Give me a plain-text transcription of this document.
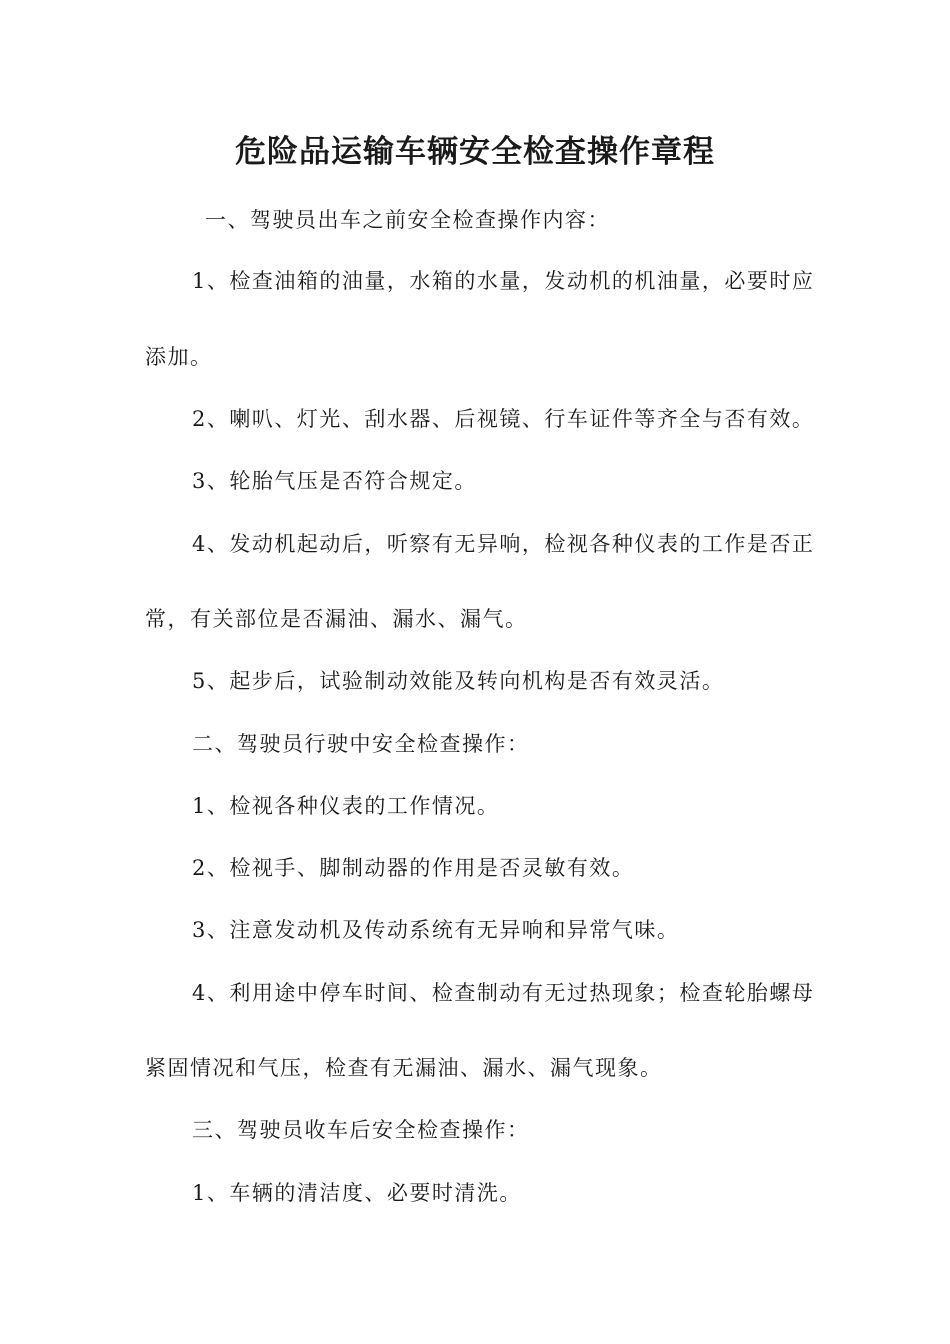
危险品运输车辆安全检查操作章程

一、驾驶员出车之前安全检查操作内容：

1、检查油箱的油量，水箱的水量，发动机的机油量，必要时应

添加。

2、喇叭、灯光、刮水器、后视镜、行车证件等齐全与否有效。

3、轮胎气压是否符合规定。

4、发动机起动后，听察有无异响，检视各种仪表的工作是否正

常，有关部位是否漏油、漏水、漏气。

5、起步后，试验制动效能及转向机构是否有效灵活。

二、驾驶员行驶中安全检查操作：

1、检视各种仪表的工作情况。

2、检视手、脚制动器的作用是否灵敏有效。

3、注意发动机及传动系统有无异响和异常气味。

4、利用途中停车时间、检查制动有无过热现象；检查轮胎螺母

紧固情况和气压，检查有无漏油、漏水、漏气现象。

三、驾驶员收车后安全检查操作：

1、车辆的清洁度、必要时清洗。
